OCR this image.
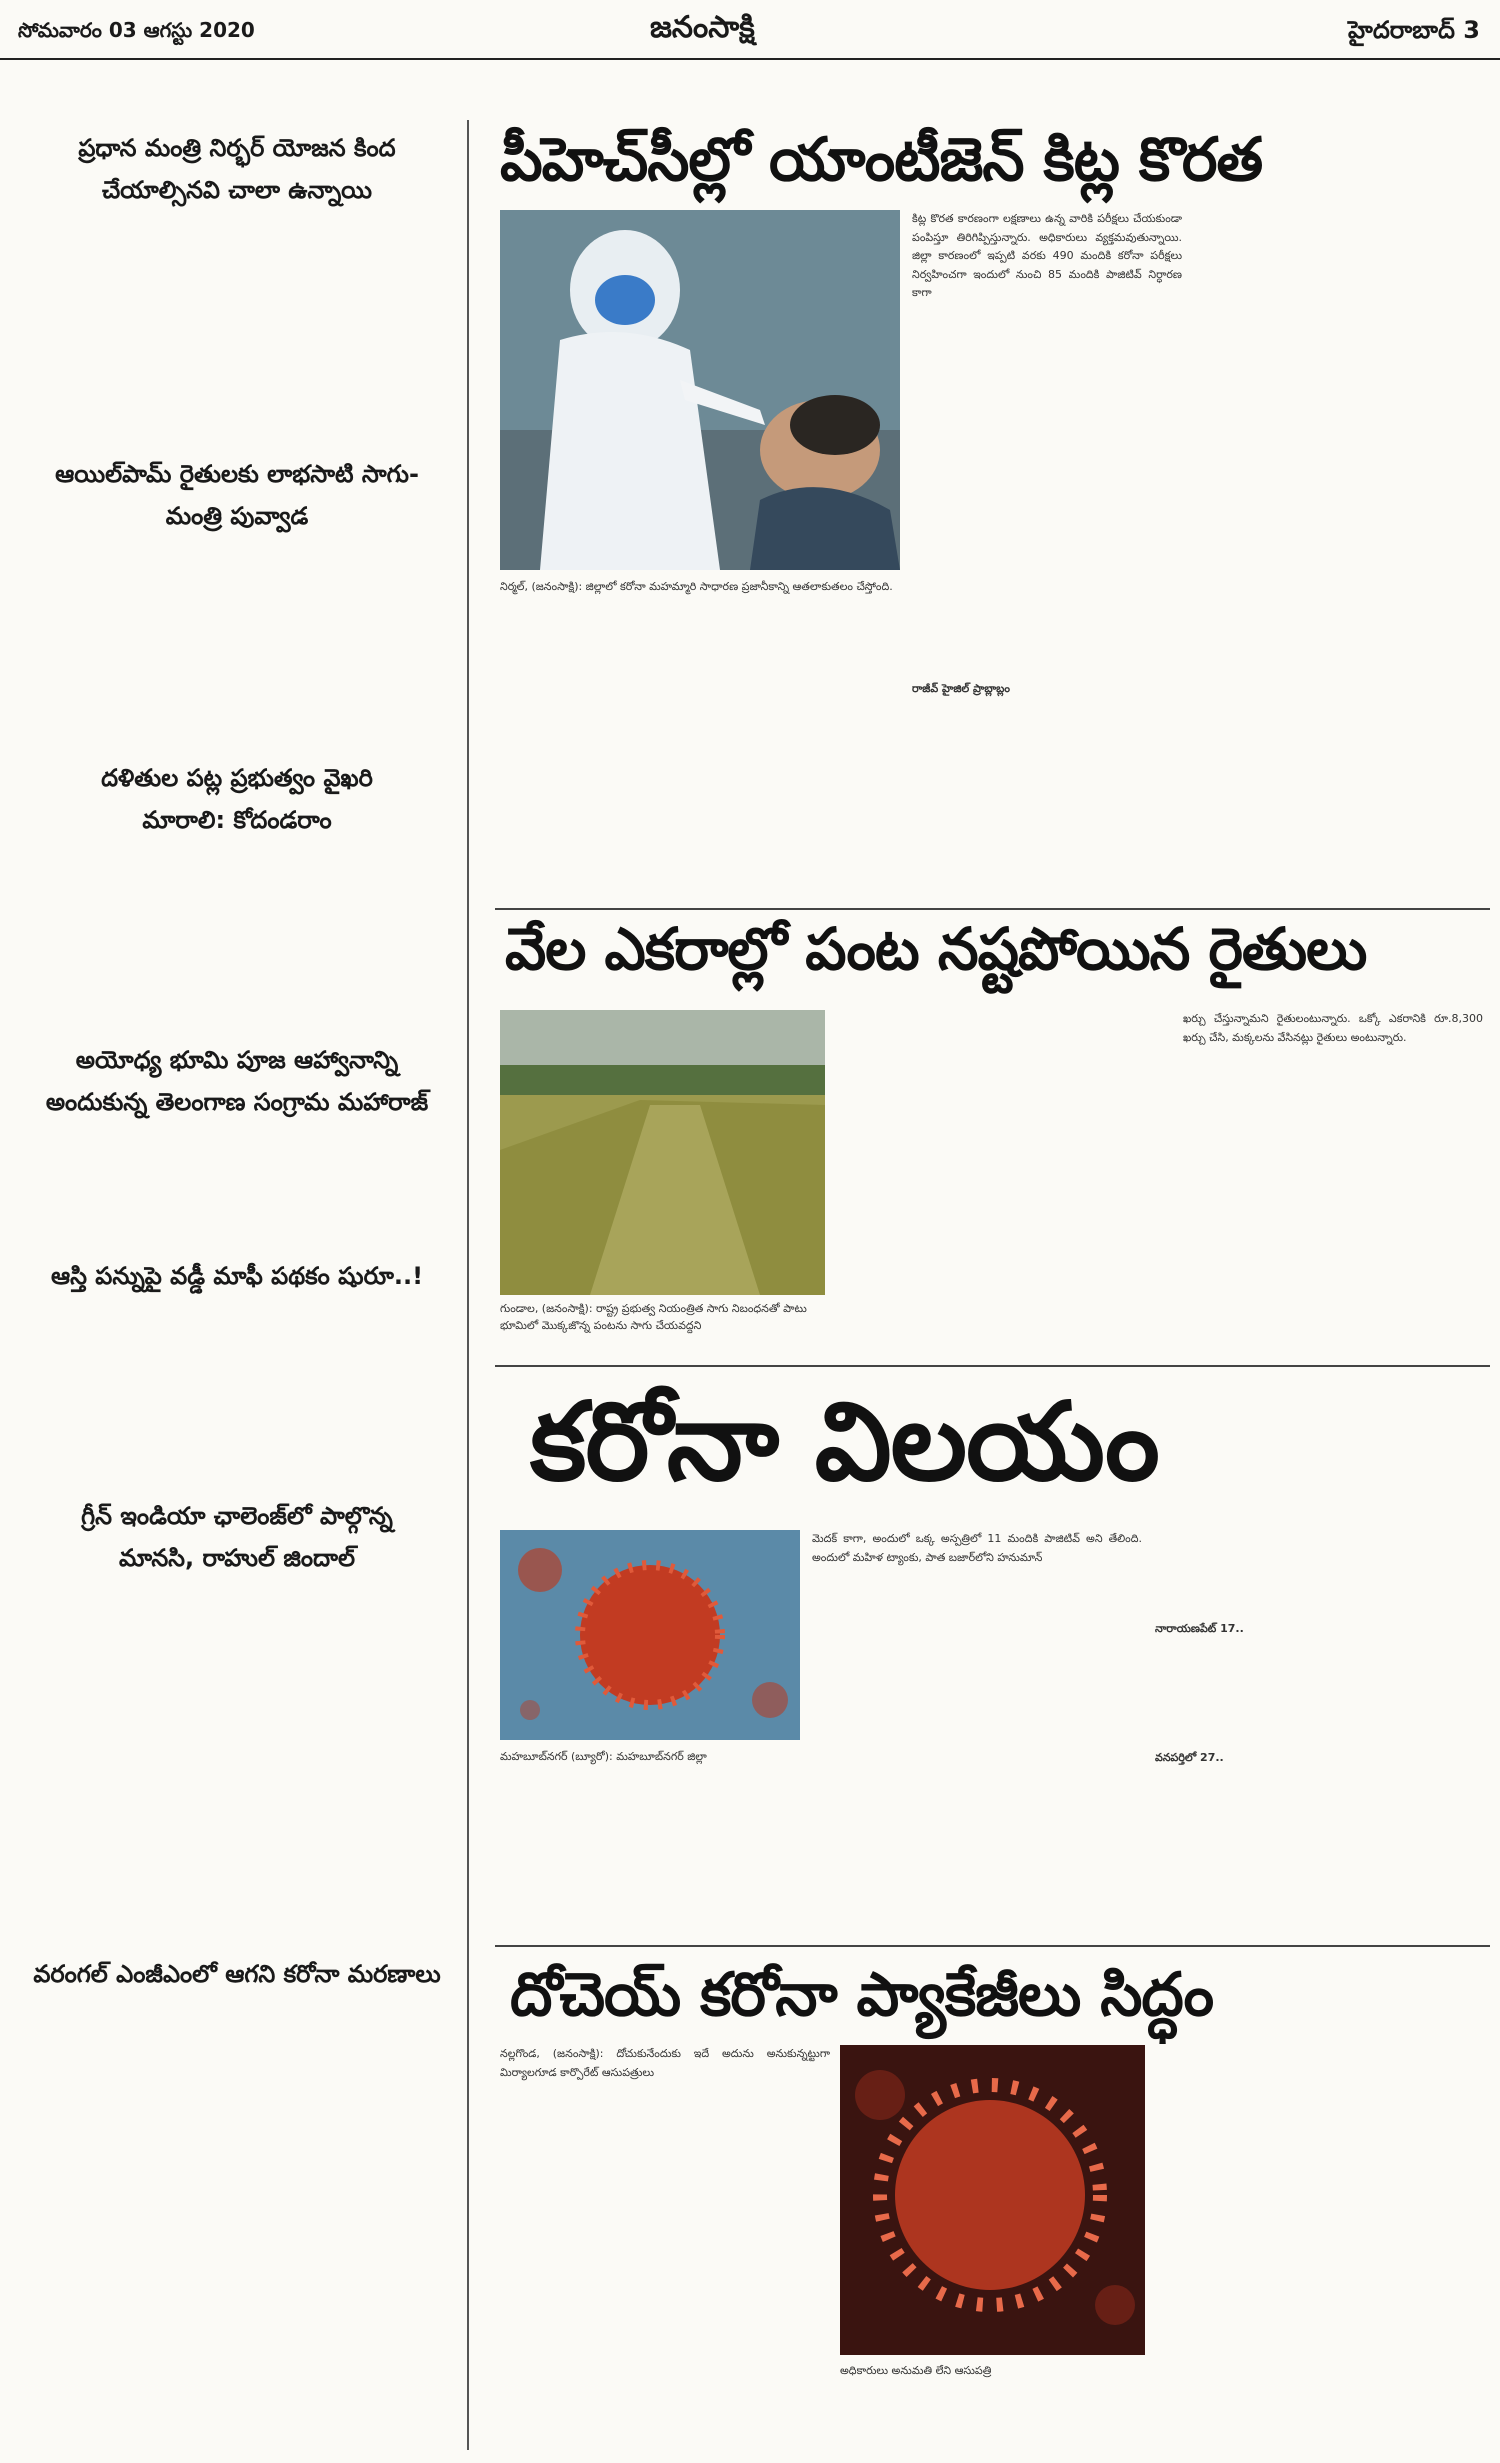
సోమవారం 03 ఆగస్టు 2020	జనంసాక్షి	హైదరాబాద్ 3
ప్రధాన మంత్రి నిర్భర్ యోజన కింద
చేయాల్సినవి చాలా ఉన్నాయి

ఆయిల్‌పామ్ రైతులకు లాభసాటి సాగు-
మంత్రి పువ్వాడ

దళితుల పట్ల ప్రభుత్వం వైఖరి
మారాలి: కోదండరాం

అయోధ్య భూమి పూజ ఆహ్వానాన్ని
అందుకున్న తెలంగాణ సంగ్రామ మహారాజ్

ఆస్తి పన్నుపై వడ్డీ మాఫీ పథకం షురూ..!

గ్రీన్ ఇండియా ఛాలెంజ్‌లో పాల్గొన్న
మానసి, రాహుల్ జిందాల్

వరంగల్ ఎంజీఎంలో ఆగని కరోనా మరణాలు

పీహెచ్‌సీల్లో యాంటీజెన్ కిట్ల కొరత
నిర్మల్, (జనంసాక్షి): జిల్లాలో కరోనా మహమ్మారి సాధారణ ప్రజానీకాన్ని ఆతలాకుతలం చేస్తోంది.
కిట్ల కొరత కారణంగా లక్షణాలు ఉన్న వారికి పరీక్షలు చేయకుండా పంపిస్తూ తిరిగిప్పిస్తున్నారు. అధికారులు వ్యక్తమవుతున్నాయి. జిల్లా కారణంలో ఇప్పటి వరకు 490 మందికి కరోనా పరీక్షలు నిర్వహించగా ఇందులో నుంచి 85 మందికి పాజిటివ్ నిర్ధారణ కాగా
రాజీవ్ హైజిల్ ప్రాబ్లాబ్లం
వేల ఎకరాల్లో పంట నష్టపోయిన రైతులు
గుండాల, (జనంసాక్షి): రాష్ట్ర ప్రభుత్వ నియంత్రిత సాగు నిబంధనతో పాటు భూమిలో మొక్కజొన్న పంటను సాగు చేయవద్దని
ఖర్చు చేస్తున్నామని రైతులంటున్నారు. ఒక్కో ఎకరానికి రూ.8,300 ఖర్చు చేసి, మక్కలను వేసినట్లు రైతులు అంటున్నారు.
కరోనా విలయం
మహబూబ్‌నగర్ (బ్యూరో): మహబూబ్‌నగర్ జిల్లా
మెదక్ కాగా, అందులో ఒక్క అస్పత్రిలో 11 మందికి పాజిటివ్ అని తేలింది. అందులో మహిళ ట్యాంకు, పాత బజార్‌లోని హనుమాన్
నారాయణపేట్ 17..
వనపర్తిలో 27..
దోచెయ్ కరోనా ప్యాకేజీలు సిద్ధం
నల్లగొండ, (జనంసాక్షి): దోచుకునేందుకు ఇదే అదును అనుకున్నట్టుగా మిర్యాలగూడ కార్పొరేట్ ఆసుపత్రులు
అధికారులు అనుమతి లేని ఆసుపత్రి
